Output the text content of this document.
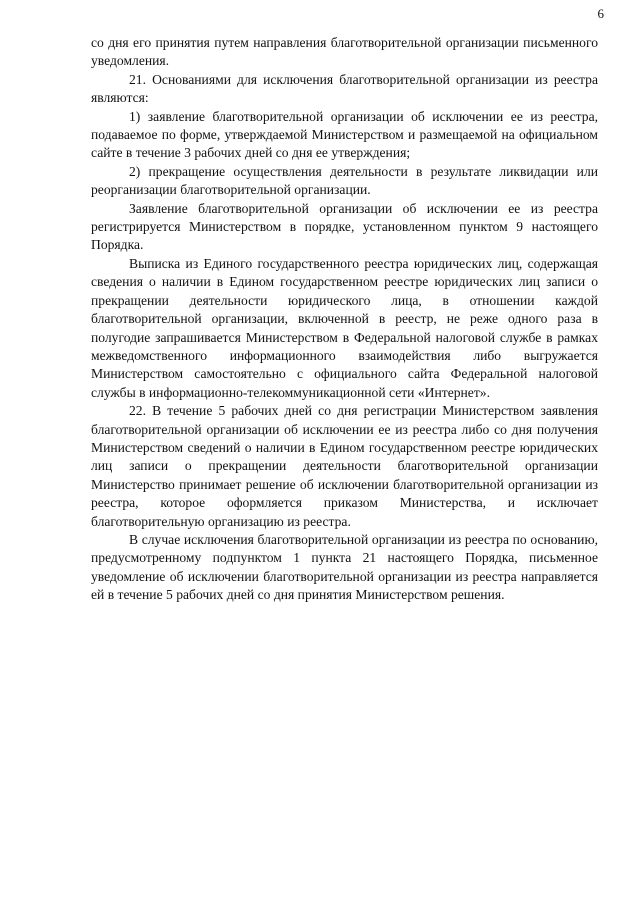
6

со дня его принятия путем направления благотворительной организации письменного уведомления.

21. Основаниями для исключения благотворительной организации из реестра являются:

1) заявление благотворительной организации об исключении ее из реестра, подаваемое по форме, утверждаемой Министерством и размещаемой на официальном сайте в течение 3 рабочих дней со дня ее утверждения;

2) прекращение осуществления деятельности в результате ликвидации или реорганизации благотворительной организации.

Заявление благотворительной организации об исключении ее из реестра регистрируется Министерством в порядке, установленном пунктом 9 настоящего Порядка.

Выписка из Единого государственного реестра юридических лиц, содержащая сведения о наличии в Едином государственном реестре юридических лиц записи о прекращении деятельности юридического лица, в отношении каждой благотворительной организации, включенной в реестр, не реже одного раза в полугодие запрашивается Министерством в Федеральной налоговой службе в рамках межведомственного информационного взаимодействия либо выгружается Министерством самостоятельно с официального сайта Федеральной налоговой службы в информационно-телекоммуникационной сети «Интернет».

22. В течение 5 рабочих дней со дня регистрации Министерством заявления благотворительной организации об исключении ее из реестра либо со дня получения Министерством сведений о наличии в Едином государственном реестре юридических лиц записи о прекращении деятельности благотворительной организации Министерство принимает решение об исключении благотворительной организации из реестра, которое оформляется приказом Министерства, и исключает благотворительную организацию из реестра.

В случае исключения благотворительной организации из реестра по основанию, предусмотренному подпунктом 1 пункта 21 настоящего Порядка, письменное уведомление об исключении благотворительной организации из реестра направляется ей в течение 5 рабочих дней со дня принятия Министерством решения.
